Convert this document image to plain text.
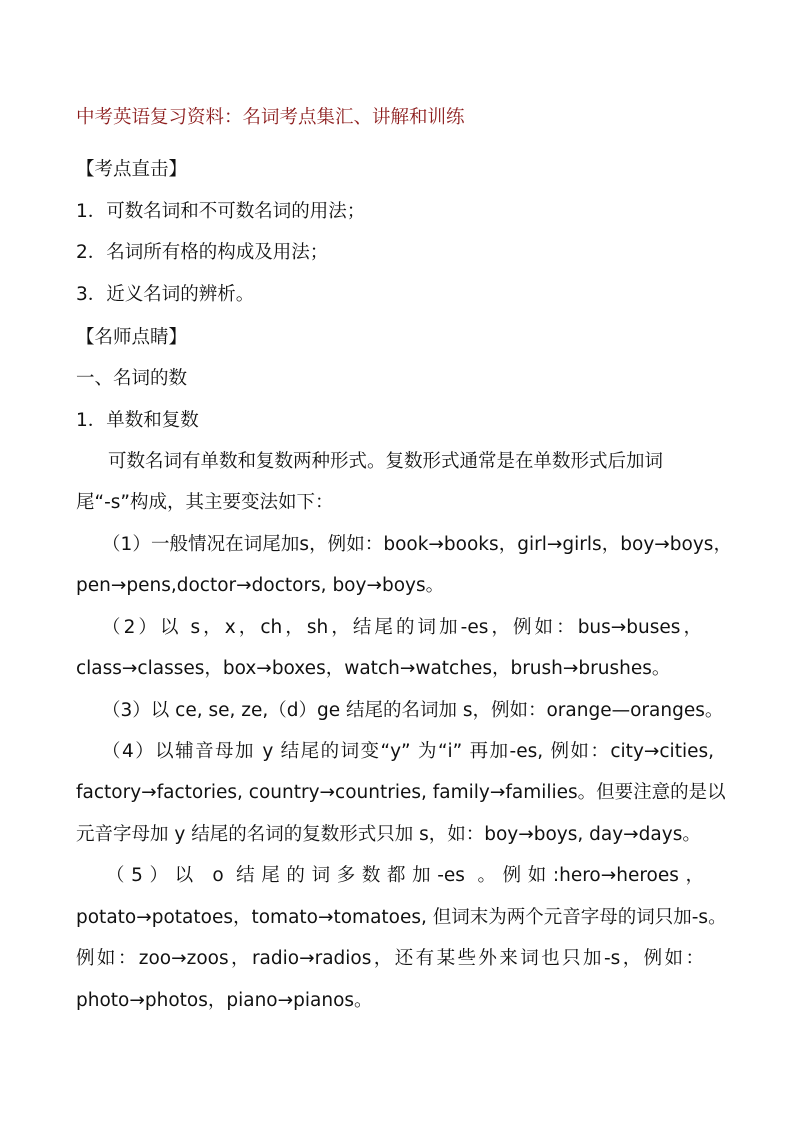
中考英语复习资料：名词考点集汇、讲解和训练
【考点直击】
1．可数名词和不可数名词的用法；
2．名词所有格的构成及用法；
3．近义名词的辨析。
【名师点睛】
一、名词的数
1．单数和复数
可数名词有单数和复数两种形式。复数形式通常是在单数形式后加词
尾“-s”构成，其主要变法如下：
（1）一般情况在词尾加s，例如：book→books，girl→girls，boy→boys，
pen→pens,doctor→doctors, boy→boys。
（2）以 s，x，ch，sh，结尾的词加-es，例如：bus→buses，
class→classes，box→boxes，watch→watches，brush→brushes。
（3）以 ce, se, ze,（d）ge 结尾的名词加 s，例如：orange—oranges。
（4）以辅音母加 y 结尾的词变“y” 为“i” 再加-es, 例如：city→cities,
factory→factories, country→countries, family→families。但要注意的是以
元音字母加 y 结尾的名词的复数形式只加 s，如：boy→boys, day→days。
（5）以 o 结尾的词多数都加-es 。例如:hero→heroes，
potato→potatoes，tomato→tomatoes, 但词末为两个元音字母的词只加-s。
例如：zoo→zoos，radio→radios，还有某些外来词也只加-s，例如：
photo→photos，piano→pianos。
